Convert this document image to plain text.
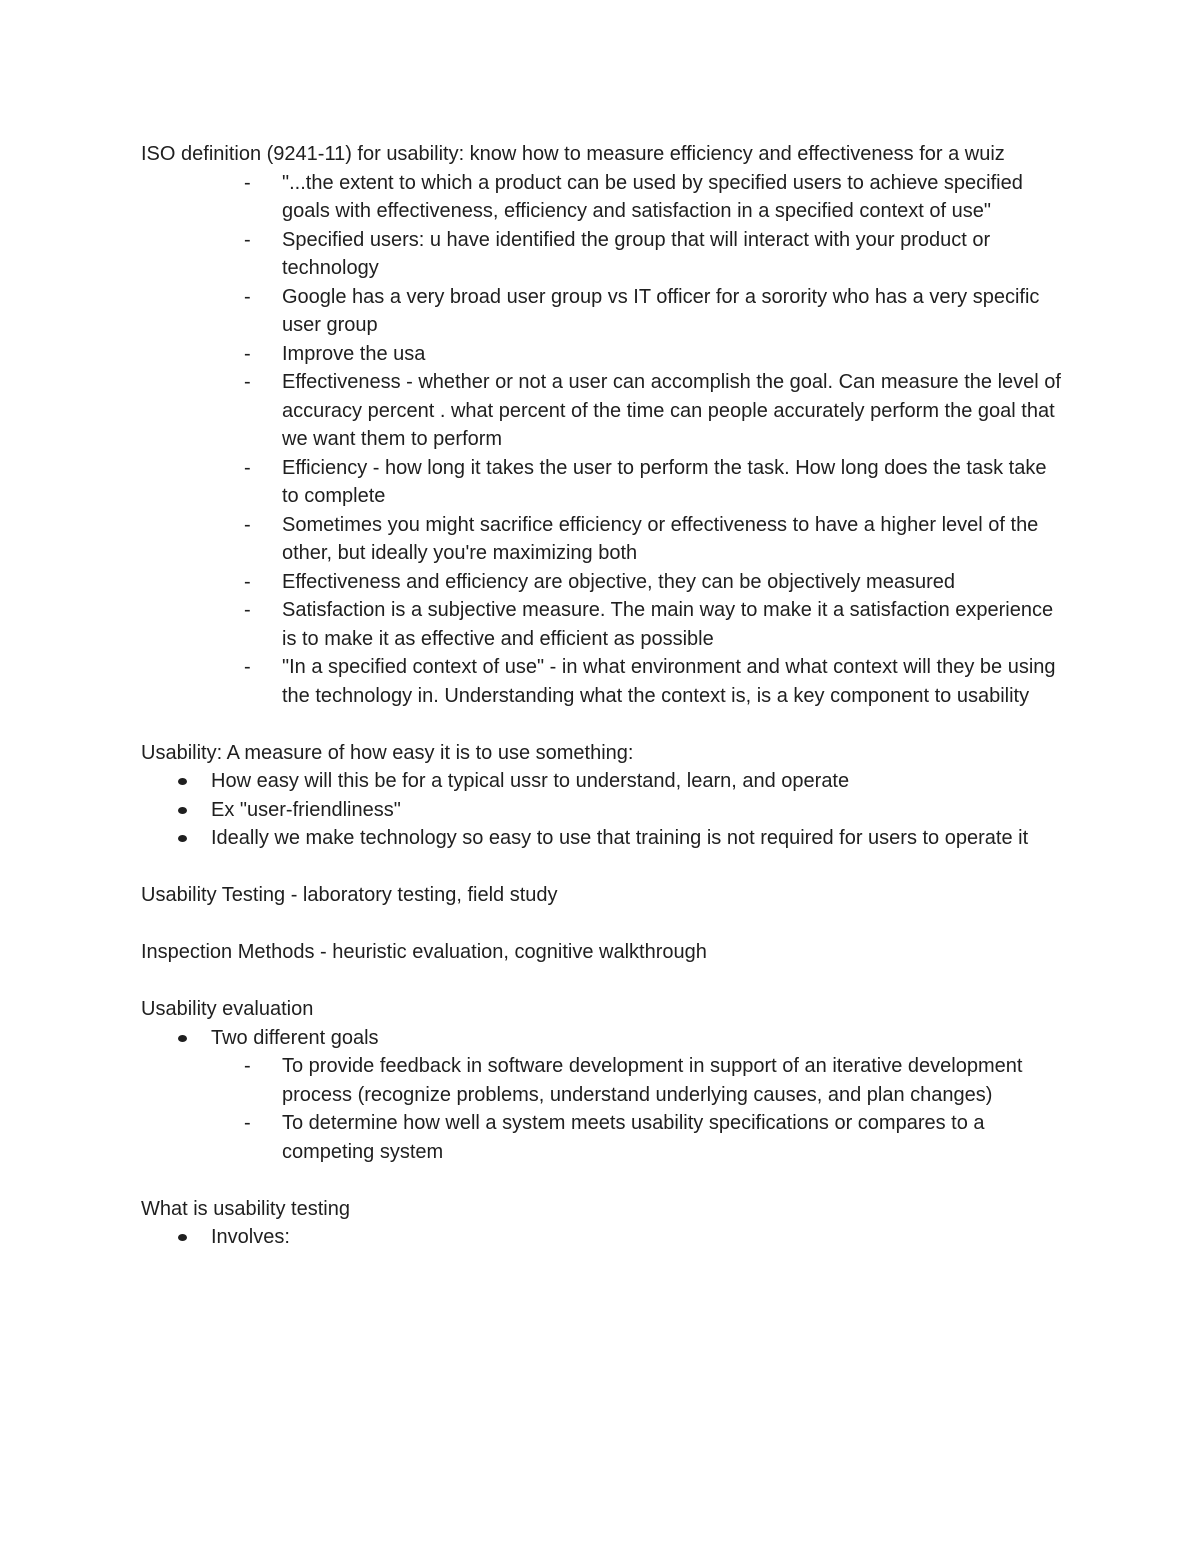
ISO definition (9241-11) for usability: know how to measure efficiency and effectiveness for a wuiz

- "...the extent to which a product can be used by specified users to achieve specified goals with effectiveness, efficiency and satisfaction in a specified context of use"
- Specified users: u have identified the group that will interact with your product or technology
- Google has a very broad user group vs IT officer for a sorority who has a very specific user group
- Improve the usa
- Effectiveness - whether or not a user can accomplish the goal. Can measure the level of accuracy percent . what percent of the time can people accurately perform the goal that we want them to perform
- Efficiency - how long it takes the user to perform the task. How long does the task take to complete
- Sometimes you might sacrifice efficiency or effectiveness to have a higher level of the other, but ideally you're maximizing both
- Effectiveness and efficiency are objective, they can be objectively measured
- Satisfaction is a subjective measure. The main way to make it a satisfaction experience is to make it as effective and efficient as possible
- "In a specified context of use" - in what environment and what context will they be using the technology in. Understanding what the context is, is a key component to usability

Usability: A measure of how easy it is to use something:

How easy will this be for a typical ussr to understand, learn, and operate
Ex "user-friendliness"
Ideally we make technology so easy to use that training is not required for users to operate it

Usability Testing - laboratory testing, field study

Inspection Methods - heuristic evaluation, cognitive walkthrough

Usability evaluation

Two different goals
- To provide feedback in software development in support of an iterative development process (recognize problems, understand underlying causes, and plan changes)
- To determine how well a system meets usability specifications or compares to a competing system

What is usability testing

Involves:
